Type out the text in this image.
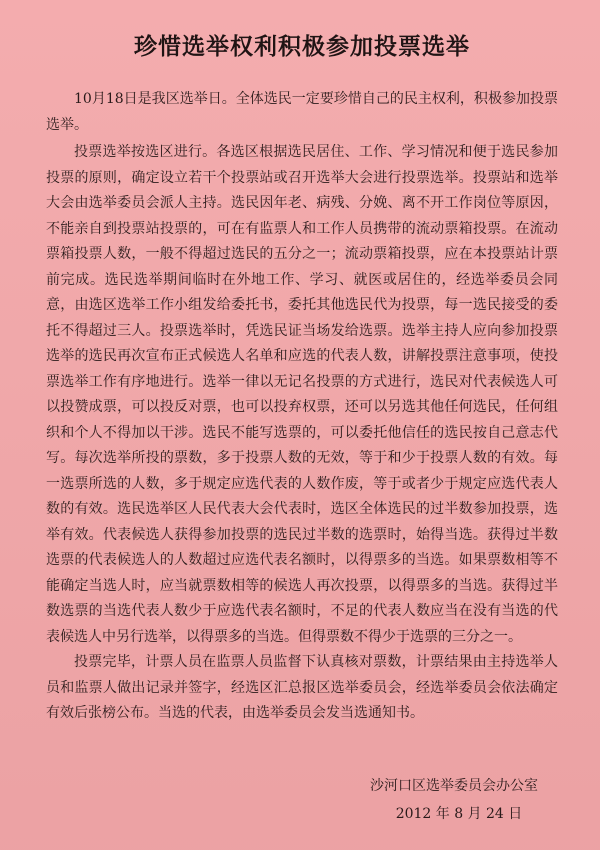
珍惜选举权利积极参加投票选举

10月18日是我区选举日。全体选民一定要珍惜自己的民主权利，积极参加投票选举。

投票选举按选区进行。各选区根据选民居住、工作、学习情况和便于选民参加投票的原则，确定设立若干个投票站或召开选举大会进行投票选举。投票站和选举大会由选举委员会派人主持。选民因年老、病残、分娩、离不开工作岗位等原因，不能亲自到投票站投票的，可在有监票人和工作人员携带的流动票箱投票。在流动票箱投票人数，一般不得超过选民的五分之一；流动票箱投票，应在本投票站计票前完成。选民选举期间临时在外地工作、学习、就医或居住的，经选举委员会同意，由选区选举工作小组发给委托书，委托其他选民代为投票，每一选民接受的委托不得超过三人。投票选举时，凭选民证当场发给选票。选举主持人应向参加投票选举的选民再次宣布正式候选人名单和应选的代表人数，讲解投票注意事项，使投票选举工作有序地进行。选举一律以无记名投票的方式进行，选民对代表候选人可以投赞成票，可以投反对票，也可以投弃权票，还可以另选其他任何选民，任何组织和个人不得加以干涉。选民不能写选票的，可以委托他信任的选民按自己意志代写。每次选举所投的票数，多于投票人数的无效，等于和少于投票人数的有效。每一选票所选的人数，多于规定应选代表的人数作废，等于或者少于规定应选代表人数的有效。选民选举区人民代表大会代表时，选区全体选民的过半数参加投票，选举有效。代表候选人获得参加投票的选民过半数的选票时，始得当选。获得过半数选票的代表候选人的人数超过应选代表名额时，以得票多的当选。如果票数相等不能确定当选人时，应当就票数相等的候选人再次投票，以得票多的当选。获得过半数选票的当选代表人数少于应选代表名额时，不足的代表人数应当在没有当选的代表候选人中另行选举，以得票多的当选。但得票数不得少于选票的三分之一。

投票完毕，计票人员在监票人员监督下认真核对票数，计票结果由主持选举人员和监票人做出记录并签字，经选区汇总报区选举委员会，经选举委员会依法确定有效后张榜公布。当选的代表，由选举委员会发当选通知书。

沙河口区选举委员会办公室
2012 年 8 月 24 日
